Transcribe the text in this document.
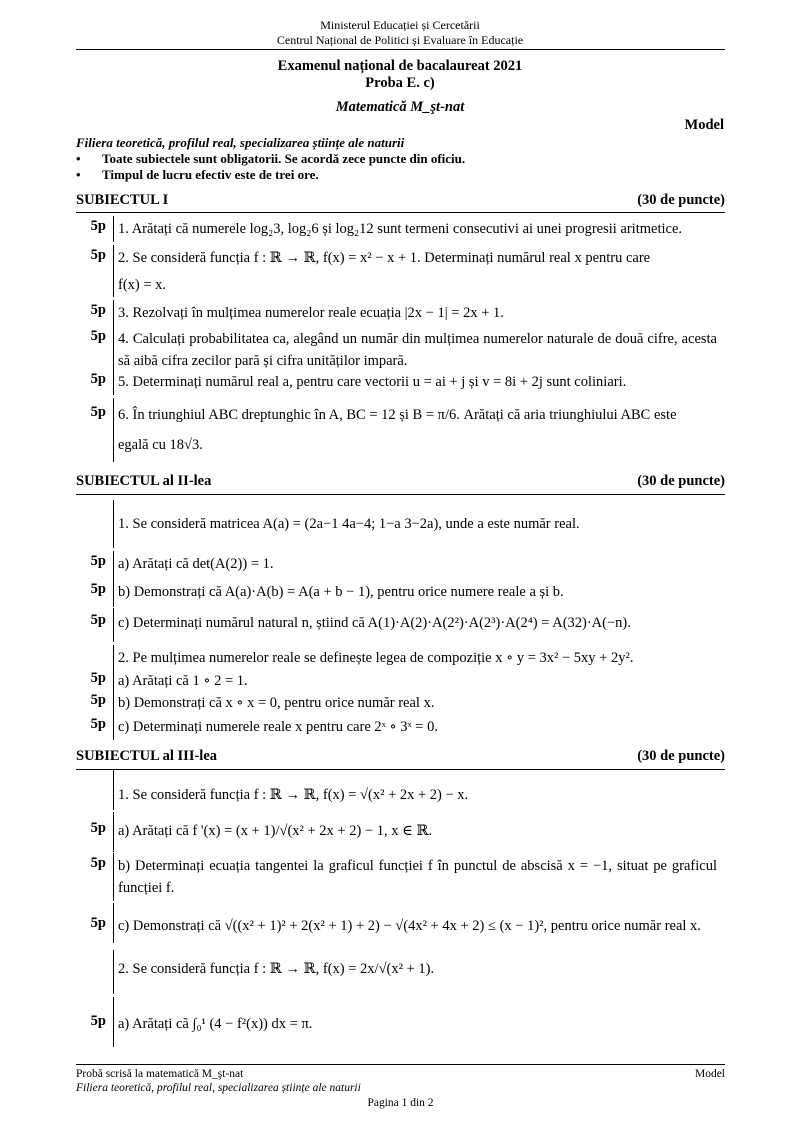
Ministerul Educației și Cercetării
Centrul Național de Politici și Evaluare în Educație
Examenul național de bacalaureat 2021
Proba E. c)
Matematică M_şt-nat
Model
Filiera teoretică, profilul real, specializarea științe ale naturii
• Toate subiectele sunt obligatorii. Se acordă zece puncte din oficiu.
• Timpul de lucru efectiv este de trei ore.
SUBIECTUL I	(30 de puncte)
5p 1. Arătați că numerele log₂3, log₂6 și log₂12 sunt termeni consecutivi ai unei progresii aritmetice.
5p 2. Se consideră funcția f : ℝ → ℝ, f(x) = x² − x + 1. Determinați numărul real x pentru care
f(x) = x.
5p 3. Rezolvați în mulțimea numerelor reale ecuația |2x − 1| = 2x + 1.
5p 4. Calculați probabilitatea ca, alegând un număr din mulțimea numerelor naturale de două cifre, acesta să aibă cifra zecilor pară și cifra unităților impară.
5p 5. Determinați numărul real a, pentru care vectorii u = ai + j și v = 8i + 2j sunt coliniari.
5p 6. În triunghiul ABC dreptunghic în A, BC = 12 și B = π/6. Arătați că aria triunghiului ABC este
egală cu 18√3.
SUBIECTUL al II-lea	(30 de puncte)
1. Se consideră matricea A(a) = (2a−1 4a−4; 1−a 3−2a), unde a este număr real.
5p a) Arătați că det(A(2)) = 1.
5p b) Demonstrați că A(a)·A(b) = A(a + b − 1), pentru orice numere reale a și b.
5p c) Determinați numărul natural n, știind că A(1)·A(2)·A(2²)·A(2³)·A(2⁴) = A(32)·A(−n).
2. Pe mulțimea numerelor reale se definește legea de compoziție x ∘ y = 3x² − 5xy + 2y².
5p a) Arătați că 1 ∘ 2 = 1.
5p b) Demonstrați că x ∘ x = 0, pentru orice număr real x.
5p c) Determinați numerele reale x pentru care 2ˣ ∘ 3ˣ = 0.
SUBIECTUL al III-lea	(30 de puncte)
1. Se consideră funcția f : ℝ → ℝ, f(x) = √(x² + 2x + 2) − x.
5p a) Arătați că f '(x) = (x + 1)/√(x² + 2x + 2) − 1, x ∈ ℝ.
5p b) Determinați ecuația tangentei la graficul funcției f în punctul de abscisă x = −1, situat pe graficul funcției f.
5p c) Demonstrați că √((x² + 1)² + 2(x² + 1) + 2) − √(4x² + 4x + 2) ≤ (x − 1)², pentru orice număr real x.
2. Se consideră funcția f : ℝ → ℝ, f(x) = 2x/√(x² + 1).
5p a) Arătați că ∫₀¹ (4 − f²(x)) dx = π.
Probă scrisă la matematică M_şt-nat	Model
Filiera teoretică, profilul real, specializarea științe ale naturii
Pagina 1 din 2
